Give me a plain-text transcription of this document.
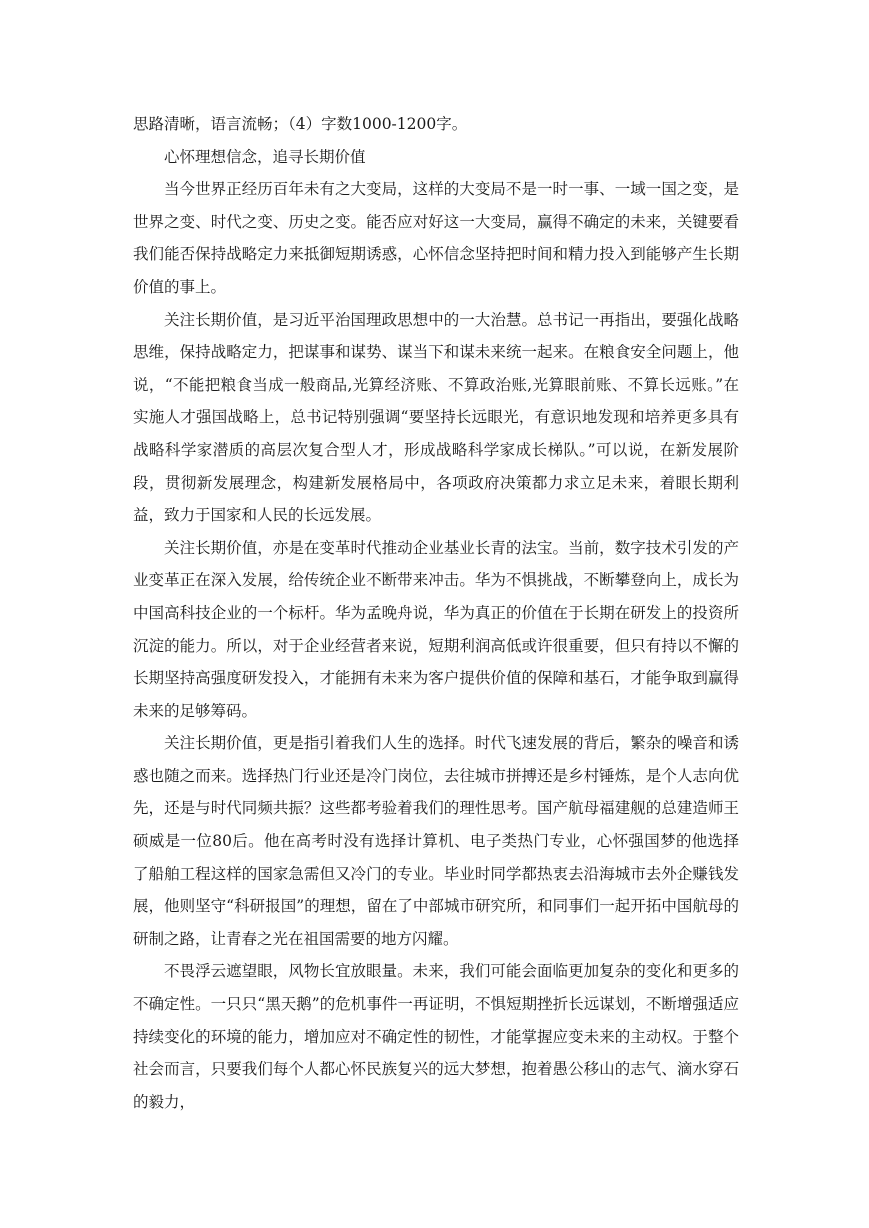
思路清晰，语言流畅；（4）字数1000-1200字。

心怀理想信念，追寻长期价值

当今世界正经历百年未有之大变局，这样的大变局不是一时一事、一域一国之变，是世界之变、时代之变、历史之变。能否应对好这一大变局，赢得不确定的未来，关键要看我们能否保持战略定力来抵御短期诱惑，心怀信念坚持把时间和精力投入到能够产生长期价值的事上。

关注长期价值，是习近平治国理政思想中的一大治慧。总书记一再指出，要强化战略思维，保持战略定力，把谋事和谋势、谋当下和谋未来统一起来。在粮食安全问题上，他说，“不能把粮食当成一般商品,光算经济账、不算政治账,光算眼前账、不算长远账。”在实施人才强国战略上，总书记特别强调“要坚持长远眼光，有意识地发现和培养更多具有战略科学家潜质的高层次复合型人才，形成战略科学家成长梯队。”可以说，在新发展阶段，贯彻新发展理念，构建新发展格局中，各项政府决策都力求立足未来，着眼长期利益，致力于国家和人民的长远发展。

关注长期价值，亦是在变革时代推动企业基业长青的法宝。当前，数字技术引发的产业变革正在深入发展，给传统企业不断带来冲击。华为不惧挑战，不断攀登向上，成长为中国高科技企业的一个标杆。华为孟晚舟说，华为真正的价值在于长期在研发上的投资所沉淀的能力。所以，对于企业经营者来说，短期利润高低或许很重要，但只有持以不懈的长期坚持高强度研发投入，才能拥有未来为客户提供价值的保障和基石，才能争取到赢得未来的足够筹码。

关注长期价值，更是指引着我们人生的选择。时代飞速发展的背后，繁杂的噪音和诱惑也随之而来。选择热门行业还是冷门岗位，去往城市拼搏还是乡村锤炼，是个人志向优先，还是与时代同频共振？这些都考验着我们的理性思考。国产航母福建舰的总建造师王硕威是一位80后。他在高考时没有选择计算机、电子类热门专业，心怀强国梦的他选择了船舶工程这样的国家急需但又冷门的专业。毕业时同学都热衷去沿海城市去外企赚钱发展，他则坚守“科研报国”的理想，留在了中部城市研究所，和同事们一起开拓中国航母的研制之路，让青春之光在祖国需要的地方闪耀。

不畏浮云遮望眼，风物长宜放眼量。未来，我们可能会面临更加复杂的变化和更多的不确定性。一只只“黑天鹅”的危机事件一再证明，不惧短期挫折长远谋划，不断增强适应持续变化的环境的能力，增加应对不确定性的韧性，才能掌握应变未来的主动权。于整个社会而言，只要我们每个人都心怀民族复兴的远大梦想，抱着愚公移山的志气、滴水穿石的毅力，
